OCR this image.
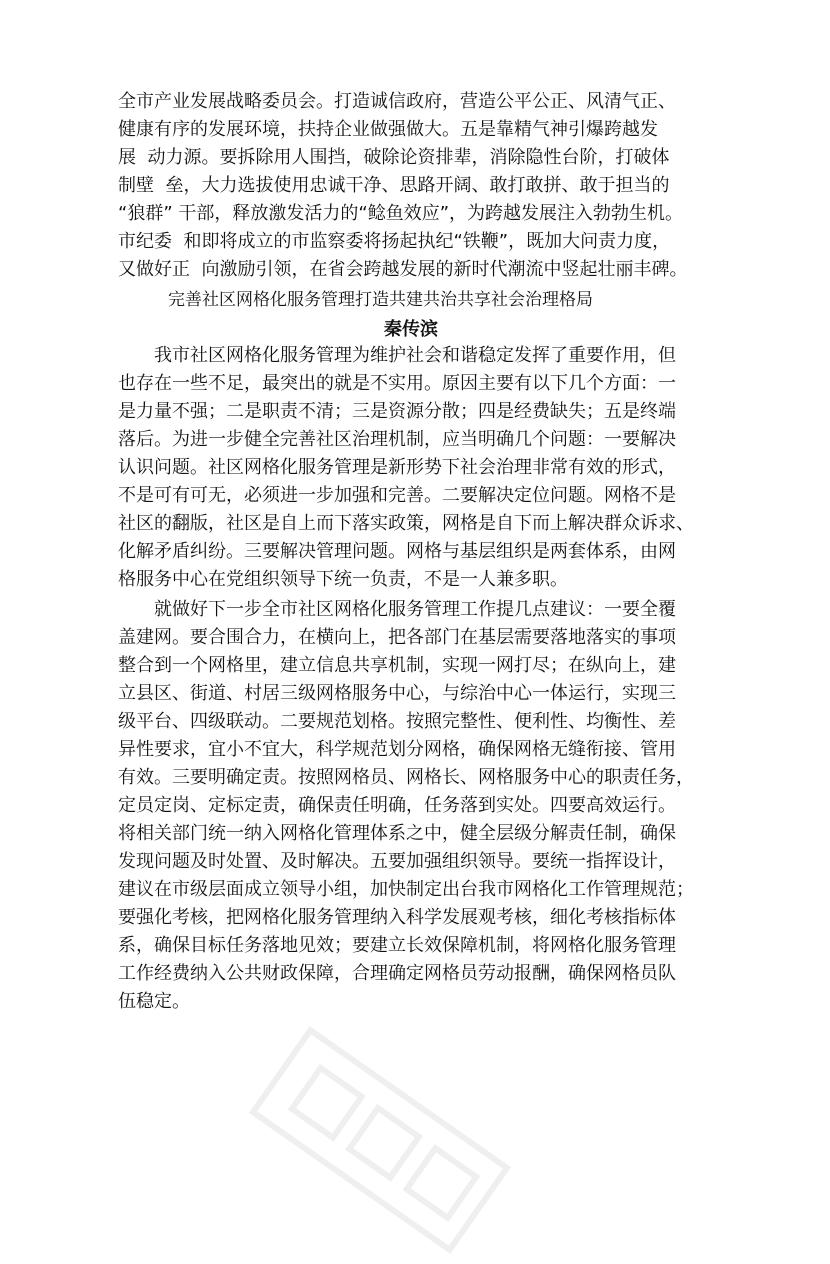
全市产业发展战略委员会。打造诚信政府，营造公平公正、风清气正、

健康有序的发展环境，扶持企业做强做大。五是靠精气神引爆跨越发

展  动力源。要拆除用人围挡，破除论资排辈，消除隐性台阶，打破体

制壁  垒，大力选拔使用忠诚干净、思路开阔、敢打敢拼、敢于担当的

“狼群” 干部，释放激发活力的“鲶鱼效应”，为跨越发展注入勃勃生机。

市纪委  和即将成立的市监察委将扬起执纪“铁鞭”，既加大问责力度，

又做好正  向激励引领，在省会跨越发展的新时代潮流中竖起壮丽丰碑。

完善社区网格化服务管理打造共建共治共享社会治理格局

秦传滨

我市社区网格化服务管理为维护社会和谐稳定发挥了重要作用，但

也存在一些不足，最突出的就是不实用。原因主要有以下几个方面：一

是力量不强；二是职责不清；三是资源分散；四是经费缺失；五是终端

落后。为进一步健全完善社区治理机制，应当明确几个问题：一要解决

认识问题。社区网格化服务管理是新形势下社会治理非常有效的形式，

不是可有可无，必须进一步加强和完善。二要解决定位问题。网格不是

社区的翻版，社区是自上而下落实政策，网格是自下而上解决群众诉求、

化解矛盾纠纷。三要解决管理问题。网格与基层组织是两套体系，由网

格服务中心在党组织领导下统一负责，不是一人兼多职。

就做好下一步全市社区网格化服务管理工作提几点建议：一要全覆

盖建网。要合围合力，在横向上，把各部门在基层需要落地落实的事项

整合到一个网格里，建立信息共享机制，实现一网打尽；在纵向上，建

立县区、街道、村居三级网格服务中心，与综治中心一体运行，实现三

级平台、四级联动。二要规范划格。按照完整性、便利性、均衡性、差

异性要求，宜小不宜大，科学规范划分网格，确保网格无缝衔接、管用

有效。三要明确定责。按照网格员、网格长、网格服务中心的职责任务，

定员定岗、定标定责，确保责任明确，任务落到实处。四要高效运行。

将相关部门统一纳入网格化管理体系之中，健全层级分解责任制，确保

发现问题及时处置、及时解决。五要加强组织领导。要统一指挥设计，

建议在市级层面成立领导小组，加快制定出台我市网格化工作管理规范；

要强化考核，把网格化服务管理纳入科学发展观考核，细化考核指标体

系，确保目标任务落地见效；要建立长效保障机制，将网格化服务管理

工作经费纳入公共财政保障，合理确定网格员劳动报酬，确保网格员队

伍稳定。
